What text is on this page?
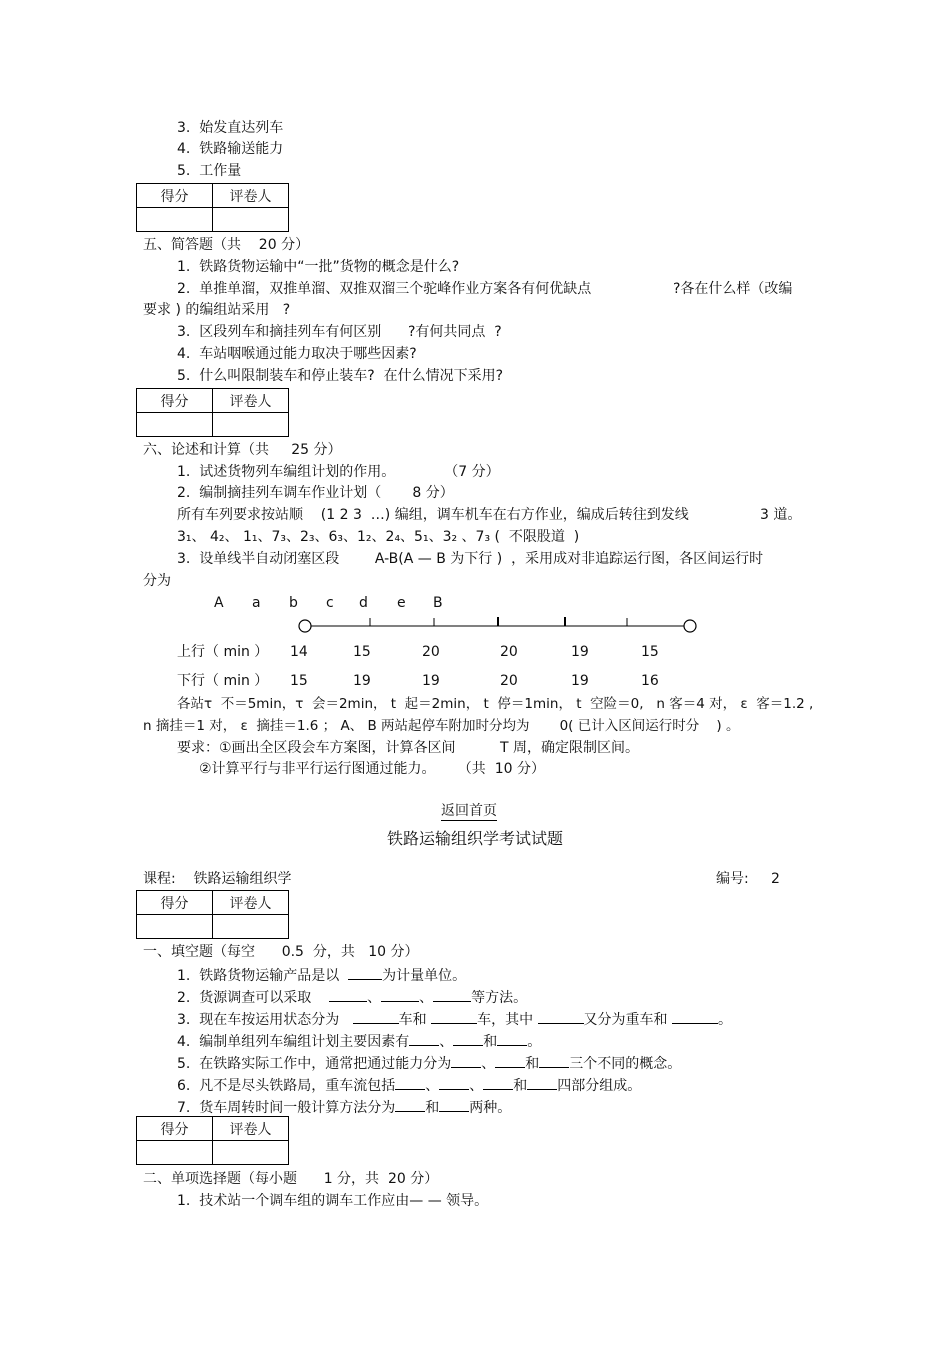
3.  始发直达列车
4.  铁路输送能力
5.  工作量
得分	评卷人

五、简答题（共    20 分）
1.  铁路货物运输中“一批”货物的概念是什么?
2.  单推单溜，双推单溜、双推双溜三个驼峰作业方案各有何优缺点	?各在什么样（改编
要求 ) 的编组站采用   ?
3.  区段列车和摘挂列车有何区别      ?有何共同点  ?
4.  车站咽喉通过能力取决于哪些因素?
5.  什么叫限制装车和停止装车?  在什么情况下采用?
得分	评卷人

六、论述和计算（共     25 分）
1.  试述货物列车编组计划的作用。           （7 分）
2.  编制摘挂列车调车作业计划（       8 分）
所有车列要求按站顺    (1 2 3  …) 编组，调车机车在右方作业，编成后转往到发线	3 道。
3₁、 4₂、 1₁、7₃、2₃、6₃、1₂、2₄、5₁、3₂ 、7₃ (  不限股道  )
3.  设单线半自动闭塞区段        A-B(A — B 为下行 )  ，采用成对非追踪运行图，各区间运行时
分为
A a b c d e B
上行（ min ） 14	15	20	20	19	15
下行（ min ） 15	19	19	20	19	16
各站τ  不＝5min，τ  会＝2min， t  起＝2min， t  停＝1min， t  空险＝0,   n 客＝4 对， ε  客＝1.2 ,
n 摘挂＝1 对， ε  摘挂＝1.6 ； A、 B 两站起停车附加时分均为       0( 已计入区间运行时分    ) 。
要求：①画出全区段会车方案图，计算各区间          T 周，确定限制区间。
②计算平行与非平行运行图通过能力。     （共  10 分）
返回首页
铁路运输组织学考试试题
课程:    铁路运输组织学	编号:     2
得分	评卷人

一、填空题（每空      0.5  分，共   10 分）
1.  铁路货物运输产品是以	为计量单位。
2.  货源调查可以采取	、	、	等方法。
3.  现在车按运用状态分为	车和	车，其中	又分为重车和	。
4.  编制单组列车编组计划主要因素有 、 和 。
5.  在铁路实际工作中，通常把通过能力分为 、 和 三个不同的概念。
6.  凡不是尽头铁路局，重车流包括 、 、 和 四部分组成。
7.  货车周转时间一般计算方法分为 和 两种。
得分	评卷人

二、单项选择题（每小题      1 分，共  20 分）
1.  技术站一个调车组的调车工作应由— — 领导。
